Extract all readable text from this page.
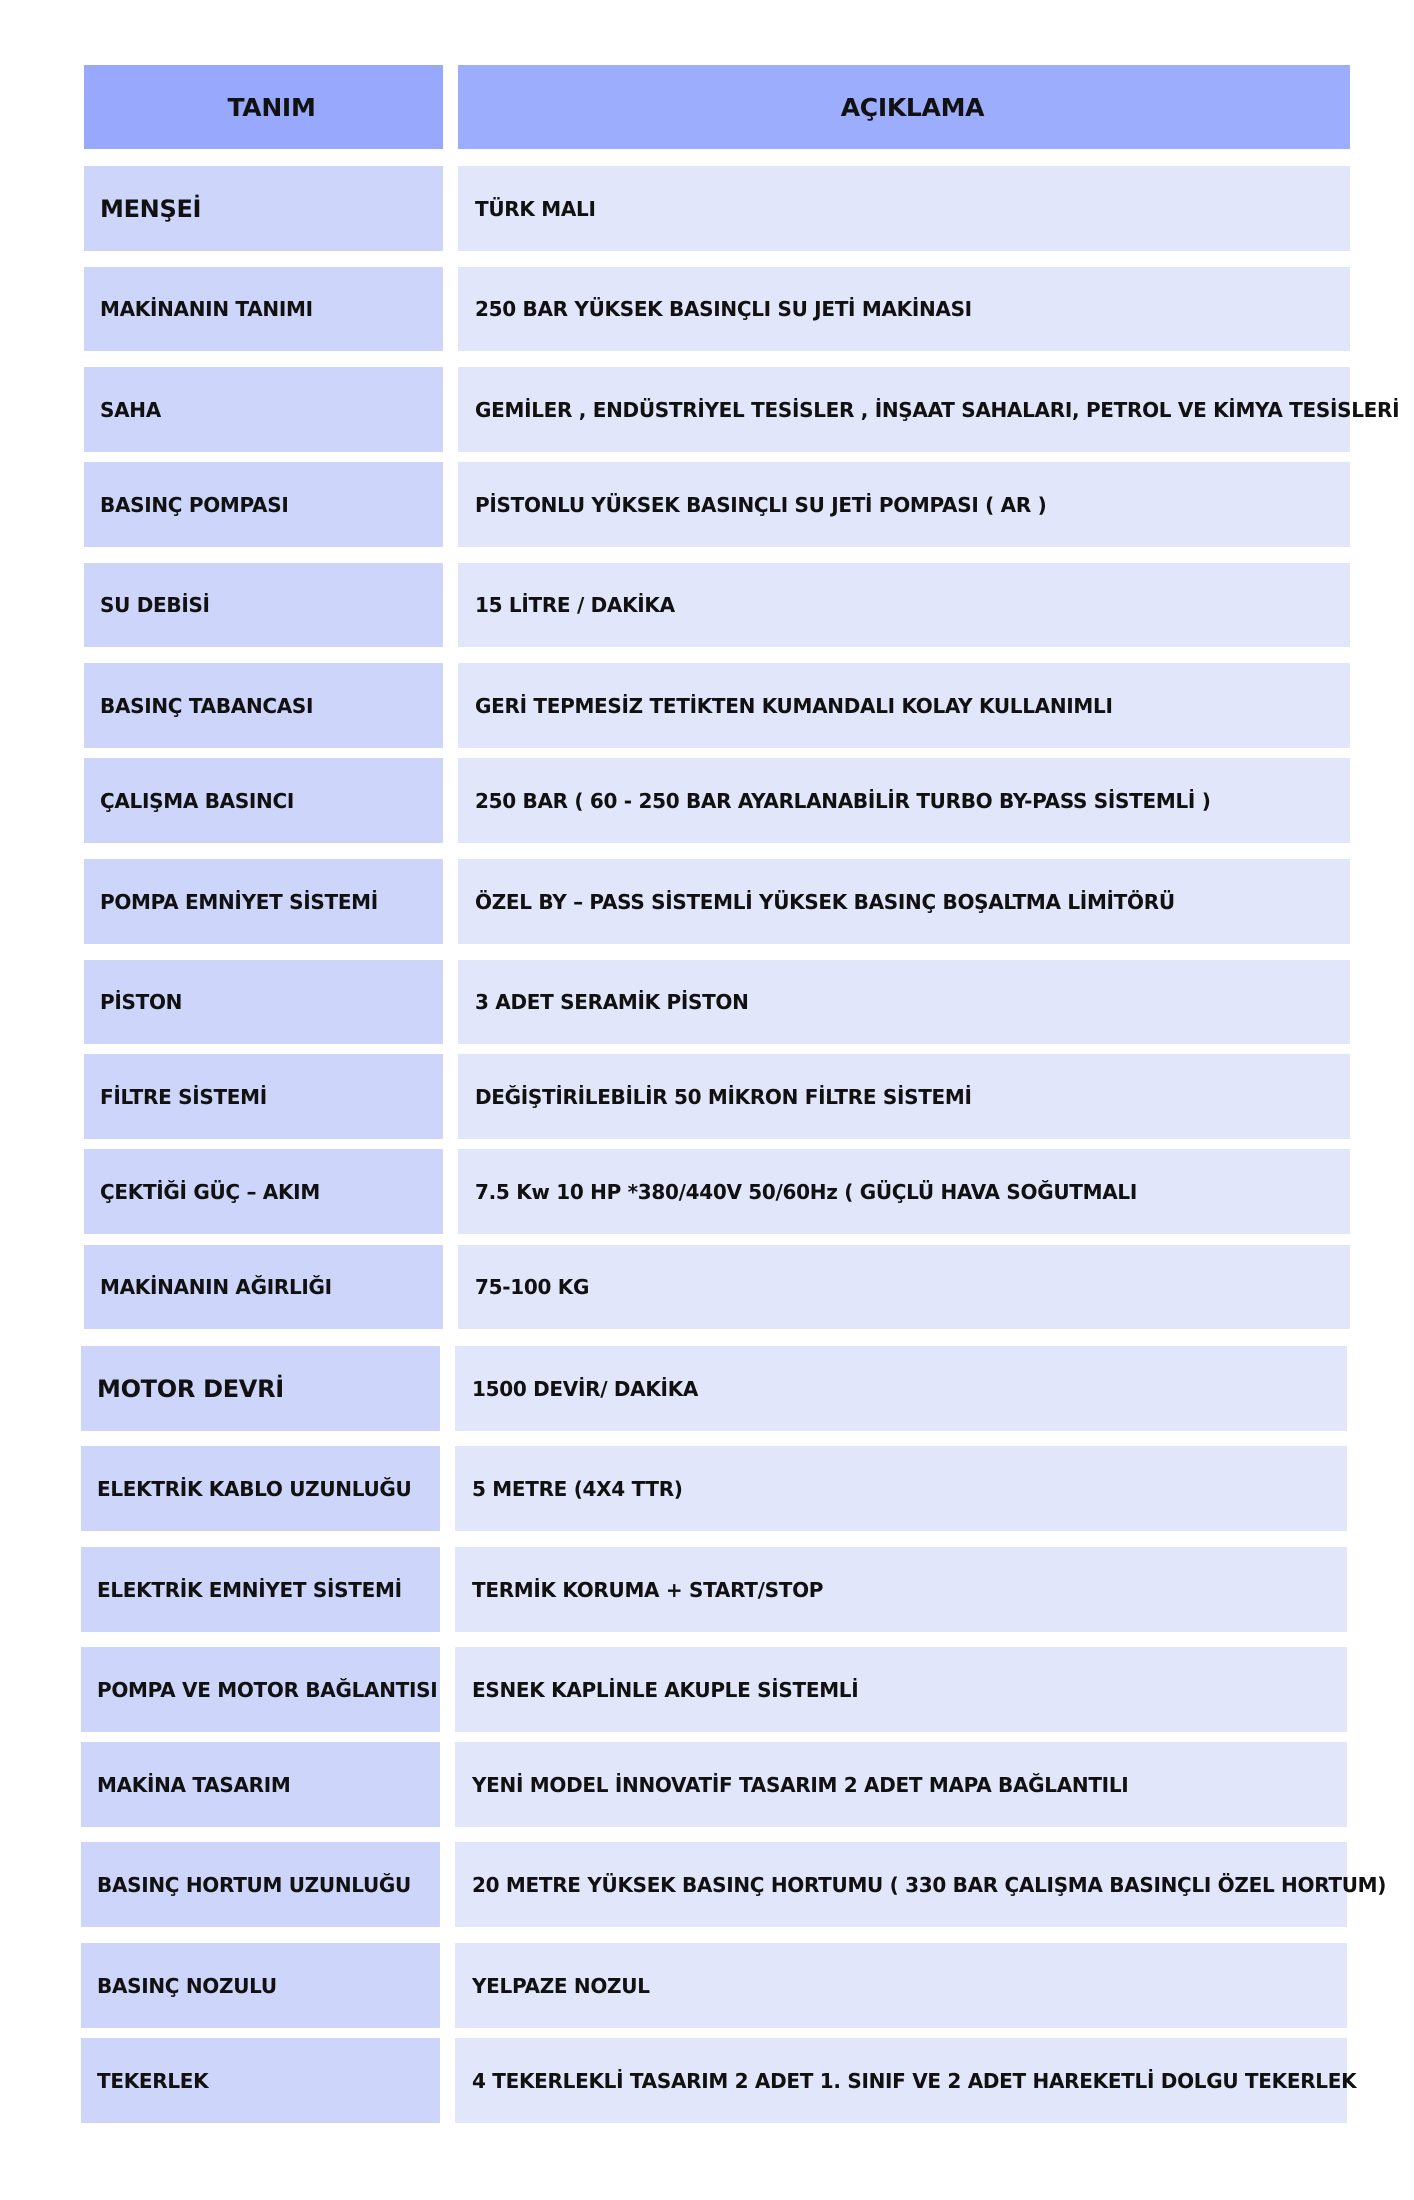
TANIM	AÇIKLAMA
MENŞEİ	TÜRK MALI
MAKİNANIN TANIMI	250 BAR YÜKSEK BASINÇLI SU JETİ MAKİNASI
SAHA	GEMİLER , ENDÜSTRİYEL TESİSLER , İNŞAAT SAHALARI, PETROL VE KİMYA TESİSLERİ
BASINÇ POMPASI	PİSTONLU YÜKSEK BASINÇLI SU JETİ POMPASI ( AR )
SU DEBİSİ	15 LİTRE / DAKİKA
BASINÇ TABANCASI	GERİ TEPMESİZ TETİKTEN KUMANDALI KOLAY KULLANIMLI
ÇALIŞMA BASINCI	250 BAR ( 60 - 250 BAR AYARLANABİLİR TURBO BY-PASS SİSTEMLİ )
POMPA EMNİYET SİSTEMİ	ÖZEL BY – PASS SİSTEMLİ YÜKSEK BASINÇ BOŞALTMA LİMİTÖRÜ
PİSTON	3 ADET SERAMİK PİSTON
FİLTRE SİSTEMİ	DEĞİŞTİRİLEBİLİR 50 MİKRON FİLTRE SİSTEMİ
ÇEKTİĞİ GÜÇ – AKIM	7.5 Kw 10 HP *380/440V 50/60Hz ( GÜÇLÜ HAVA SOĞUTMALI
MAKİNANIN AĞIRLIĞI	75-100 KG
MOTOR DEVRİ	1500 DEVİR/ DAKİKA
ELEKTRİK KABLO UZUNLUĞU	5 METRE (4X4 TTR)
ELEKTRİK EMNİYET SİSTEMİ	TERMİK KORUMA + START/STOP
POMPA VE MOTOR BAĞLANTISI	ESNEK KAPLİNLE AKUPLE SİSTEMLİ
MAKİNA TASARIM	YENİ MODEL İNNOVATİF TASARIM 2 ADET MAPA BAĞLANTILI
BASINÇ HORTUM UZUNLUĞU	20 METRE YÜKSEK BASINÇ HORTUMU ( 330 BAR ÇALIŞMA BASINÇLI ÖZEL HORTUM)
BASINÇ NOZULU	YELPAZE NOZUL
TEKERLEK	4 TEKERLEKLİ TASARIM 2 ADET 1. SINIF VE 2 ADET HAREKETLİ DOLGU TEKERLEK
